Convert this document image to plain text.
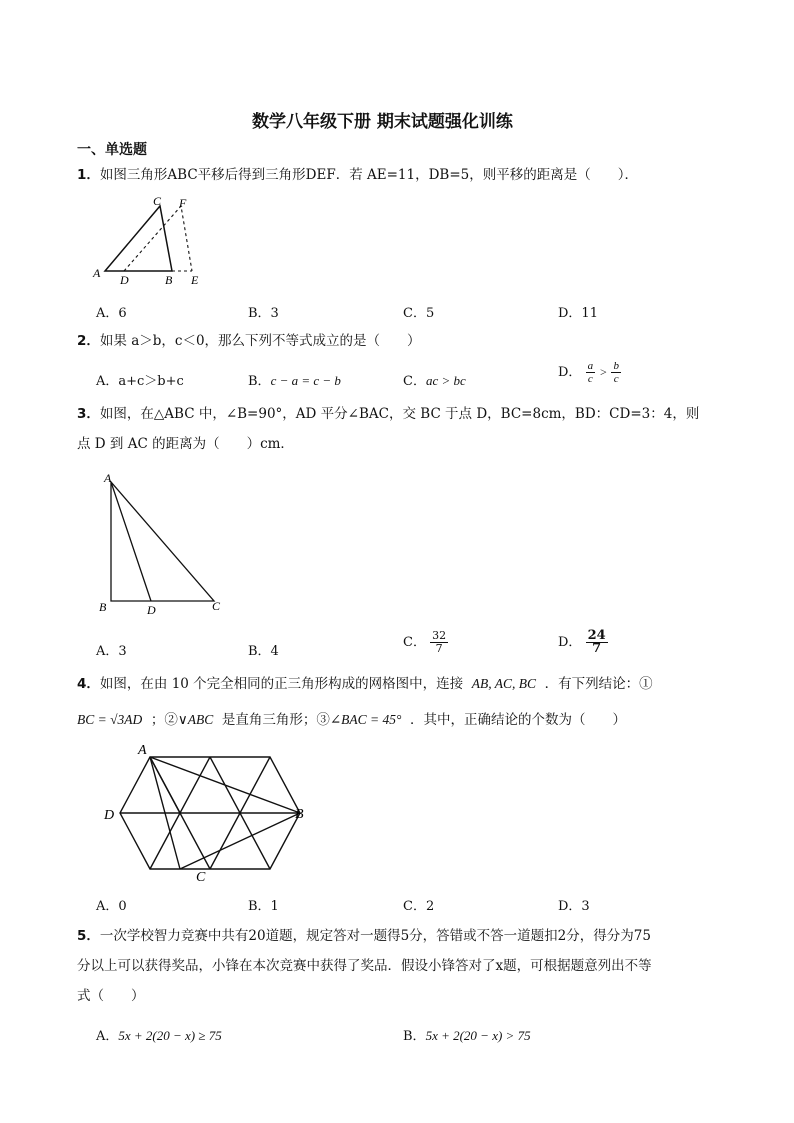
数学八年级下册 期末试题强化训练
一、单选题
1．如图三角形ABC平移后得到三角形DEF．若 AE=11，DB=5，则平移的距离是（　　）．
C F
A D	B E
A．6	B．3	C．5	D．11
2．如果 a＞b，c＜0，那么下列不等式成立的是（　　）
A．a+c＞b+c	B．c − a = c − b	C．ac > bc
D． $\frac{a}{c} > \frac{b}{c}$
3．如图，在△ABC 中，∠B=90°，AD 平分∠BAC，交 BC 于点 D，BC=8cm，BD：CD=3：4，则
点 D 到 AC 的距离为（　　）cm．
A
B	D	C
A．3	B．4
C． $\frac{32}{7}$	D． $\frac{24}{7}$
4．如图，在由 10 个完全相同的正三角形构成的网格图中，连接 AB, AC, BC ．有下列结论：①
BC = √3AD ；②∨ABC 是直角三角形；③∠BAC = 45° ．其中，正确结论的个数为（　　）
A
D	B
C
A．0	B．1	C．2	D．3
5．一次学校智力竞赛中共有20道题，规定答对一题得5分，答错或不答一道题扣2分，得分为75
分以上可以获得奖品，小锋在本次竞赛中获得了奖品．假设小锋答对了x题，可根据题意列出不等
式（　　）
A．5x + 2(20 − x) ≥ 75	B．5x + 2(20 − x) > 75
